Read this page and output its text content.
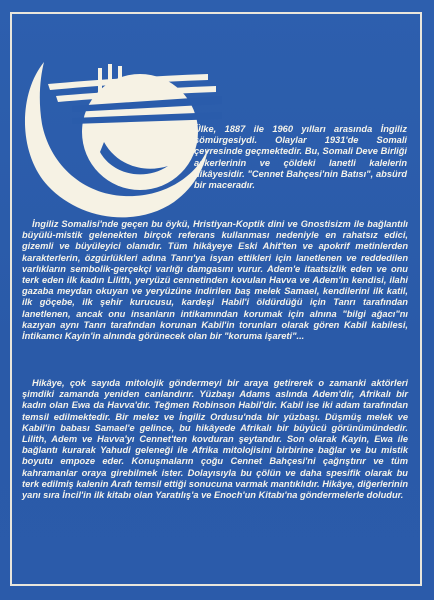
Ülke, 1887 ile 1960 yılları arasında İngiliz sömürgesiydi. Olaylar 1931'de Somali çevresinde geçmektedir. Bu, Somali Deve Birliği askerlerinin ve çöldeki lanetli kalelerin hikâyesidir. "Cennet Bahçesi'nin Batısı", absürd bir maceradır.

İngiliz Somalisi'nde geçen bu öykü, Hristiyan-Koptik dini ve Gnostisizm ile bağlantılı büyülü-mistik gelenekten birçok referans kullanması nedeniyle en rahatsız edici, gizemli ve büyüleyici olanıdır. Tüm hikâyeye Eski Ahit'ten ve apokrif metinlerden karakterlerin, özgürlükleri adına Tanrı'ya isyan ettikleri için lanetlenen ve reddedilen varlıkların sembolik-gerçekçi varlığı damgasını vurur. Adem'e itaatsizlik eden ve onu terk eden ilk kadın Lilith, yeryüzü cennetinden kovulan Havva ve Adem'in kendisi, ilahi gazaba meydan okuyan ve yeryüzüne indirilen baş melek Samael, kendilerini ilk katil, ilk göçebe, ilk şehir kurucusu, kardeşi Habil'i öldürdüğü için Tanrı tarafından lanetlenen, ancak onu insanların intikamından korumak için alnına "bilgi ağacı"nı kazıyan aynı Tanrı tarafından korunan Kabil'in torunları olarak gören Kabil kabilesi, İntikamcı Kayin'in alnında görünecek olan bir "koruma işareti"...

Hikâye, çok sayıda mitolojik göndermeyi bir araya getirerek o zamanki aktörleri şimdiki zamanda yeniden canlandırır. Yüzbaşı Adams aslında Adem'dir, Afrikalı bir kadın olan Ewa da Havva'dır. Teğmen Robinson Habil'dir. Kabil ise iki adam tarafından temsil edilmektedir. Bir melez ve İngiliz Ordusu'nda bir yüzbaşı. Düşmüş melek ve Kabil'in babası Samael'e gelince, bu hikâyede Afrikalı bir büyücü görünümündedir. Lilith, Adem ve Havva'yı Cennet'ten kovduran şeytandır. Son olarak Kayin, Ewa ile bağlantı kurarak Yahudi geleneği ile Afrika mitolojisini birbirine bağlar ve bu mistik boyutu empoze eder. Konuşmaların çoğu Cennet Bahçesi'ni çağrıştırır ve tüm kahramanlar oraya girebilmek ister. Dolayısıyla bu çölün ve daha spesifik olarak bu terk edilmiş kalenin Arafı temsil ettiği sonucuna varmak mantıklıdır. Hikâye, diğerlerinin yanı sıra İncil'in ilk kitabı olan Yaratılış'a ve Enoch'un Kitabı'na göndermelerle doludur.
